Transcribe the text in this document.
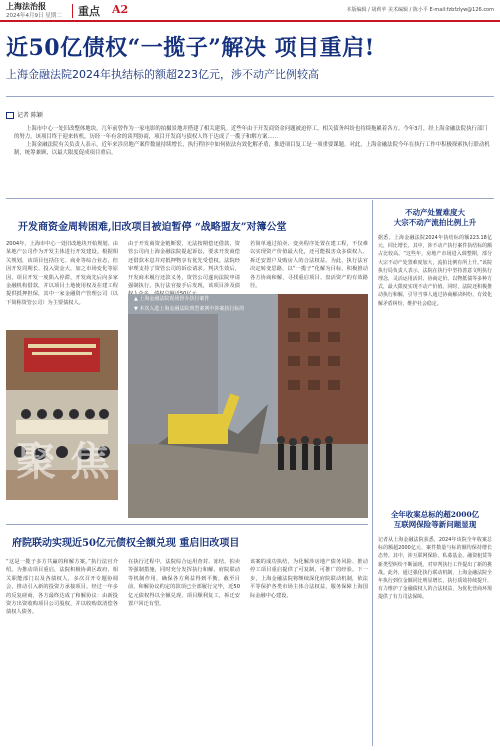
上海法治报
2024年4月9日 星期二 重点 A2	本版编辑 / 胡莉苹 美术编辑 / 陈小平 E-mail:fzbfzlyw@126.com
近50亿债权“一揽子”解决 项目重启!
上海金融法院2024年执结标的额超223亿元，涉不动产比例较高
记者 陈颖

上海市中心一处旧改整体地块，几年前曾作为一家电影的拍摄景地并搭建了相关建筑。近些年由于开发商资金问题被迫停工，相关债务纠纷也持续拖累着各方。今年3月，经上海金融法院执行部门的努力，该项目终于迎来转机，历经一年有余的谈判协商，项目开发商与债权人终于达成了一揽子和解方案……

上海金融法院有关负责人表示，近年来涉房地产案件数量持续增长，执行程序中如何依法有效化解矛盾，推进项目复工是一项重要课题。对此，上海金融法院今年在执行工作中积极探索执行联动机制，统筹兼顾，以最大限度促成项目重启。

开发商资金周转困难,旧改项目被迫暂停 “战略盟友”对簿公堂
2004年，上海市中心一处旧改地块开始规划，由某地产公司作为开发主体进行开发建设。根据相关规划，该项目包括住宅、商业等综合业态，但因开发周期长、投入资金大，加之市场变化等原因，项目开发一度陷入停滞。开发商先后向多家金融机构借款，并以项目土地使用权及在建工程提供抵押担保，其中一家金融资产管理公司（以下简称资管公司）为主要债权人。
由于开发商资金链断裂，无法按期偿还借款，资管公司向上海金融法院提起诉讼，要求开发商偿还借款本息并对抵押物享有优先受偿权。法院经审理支持了资管公司的诉讼请求。判决生效后，开发商未履行还款义务，资管公司遂向法院申请强制执行。执行法官接手后发现，该项目涉及债
若简单通过拍卖、变卖程序处置在建工程，不仅难以实现资产价值最大化，还可能损害众多债权人、拆迁安置户及购房人的合法权益。为此，执行法官决定转变思路，以“一揽子”化解为目标，积极推动各方协商和解，寻找重启项目、盘活资产的有效路径。
聚 焦
▲ 上海金融法院现场督办执行案件
▼ 本次入选上海金融法院典型案例中涉案执行标的
府院联动实现近50亿元债权全额兑现 重启旧改项目
“这是一揽子多方共赢的和解方案。”执行法官介绍。为推动项目重启，法院积极协调区政府、相关职能部门以及各债权人，多次召开专题协调会，推动引入新的投资方承接项目。经过一年多的反复磋商，各方最终达成了和解协议：由新投资方出资收购项目公司股权，并以收购款清偿各债权人债务。
在执行过程中，法院综合运用查封、冻结、拍卖等强制措施，同时充分发挥执行和解、府院联动等机制作用，确保各方利益得到平衡。截至目前，和解协议约定的款项已全部履行完毕，近50亿元债权得以全额兑现，项目顺利复工，拆迁安置户回迁有望。
该案的成功执结，为化解涉房地产债务风险、推动停工项目重启提供了可复制、可推广的经验。下一步，上海金融法院将继续深化府院联动机制，依法平等保护各类市场主体合法权益，服务保障上海国际金融中心建设。
不动产处置难度大
大宗不动产流拍比例上升
据悉，上海金融法院2024年执结标的额223.18亿元，同比增长。其中，涉不动产执行案件执结标的额占比较高。“这些年，房地产市场进入调整期，部分大宗不动产处置难度加大，流拍比例有所上升。”该院执行局负责人表示，法院在执行中坚持善意文明执行理念，灵活运用活封、协商定价、以物抵债等多种方式，最大限度实现不动产价值。同时，法院还积极推动执行和解，引导当事人通过协商解决纠纷，有效化解矛盾纠纷，维护社会稳定。
全年收案总标的超2000亿
互联网保险等新问题显现
记者从上海金融法院获悉，2024年该院全年收案总标的额超2000亿元，案件数量与标的额均保持增长态势。其中，涉互联网保险、私募基金、融资租赁等新类型纠纷不断涌现，对审判执行工作提出了新的挑战。此外，通过强化执行联动机制，上海金融法院全年执行到位金额同比明显增长，执行质效持续提升，有力维护了金融债权人的合法权益，为优化营商环境提供了有力司法保障。
